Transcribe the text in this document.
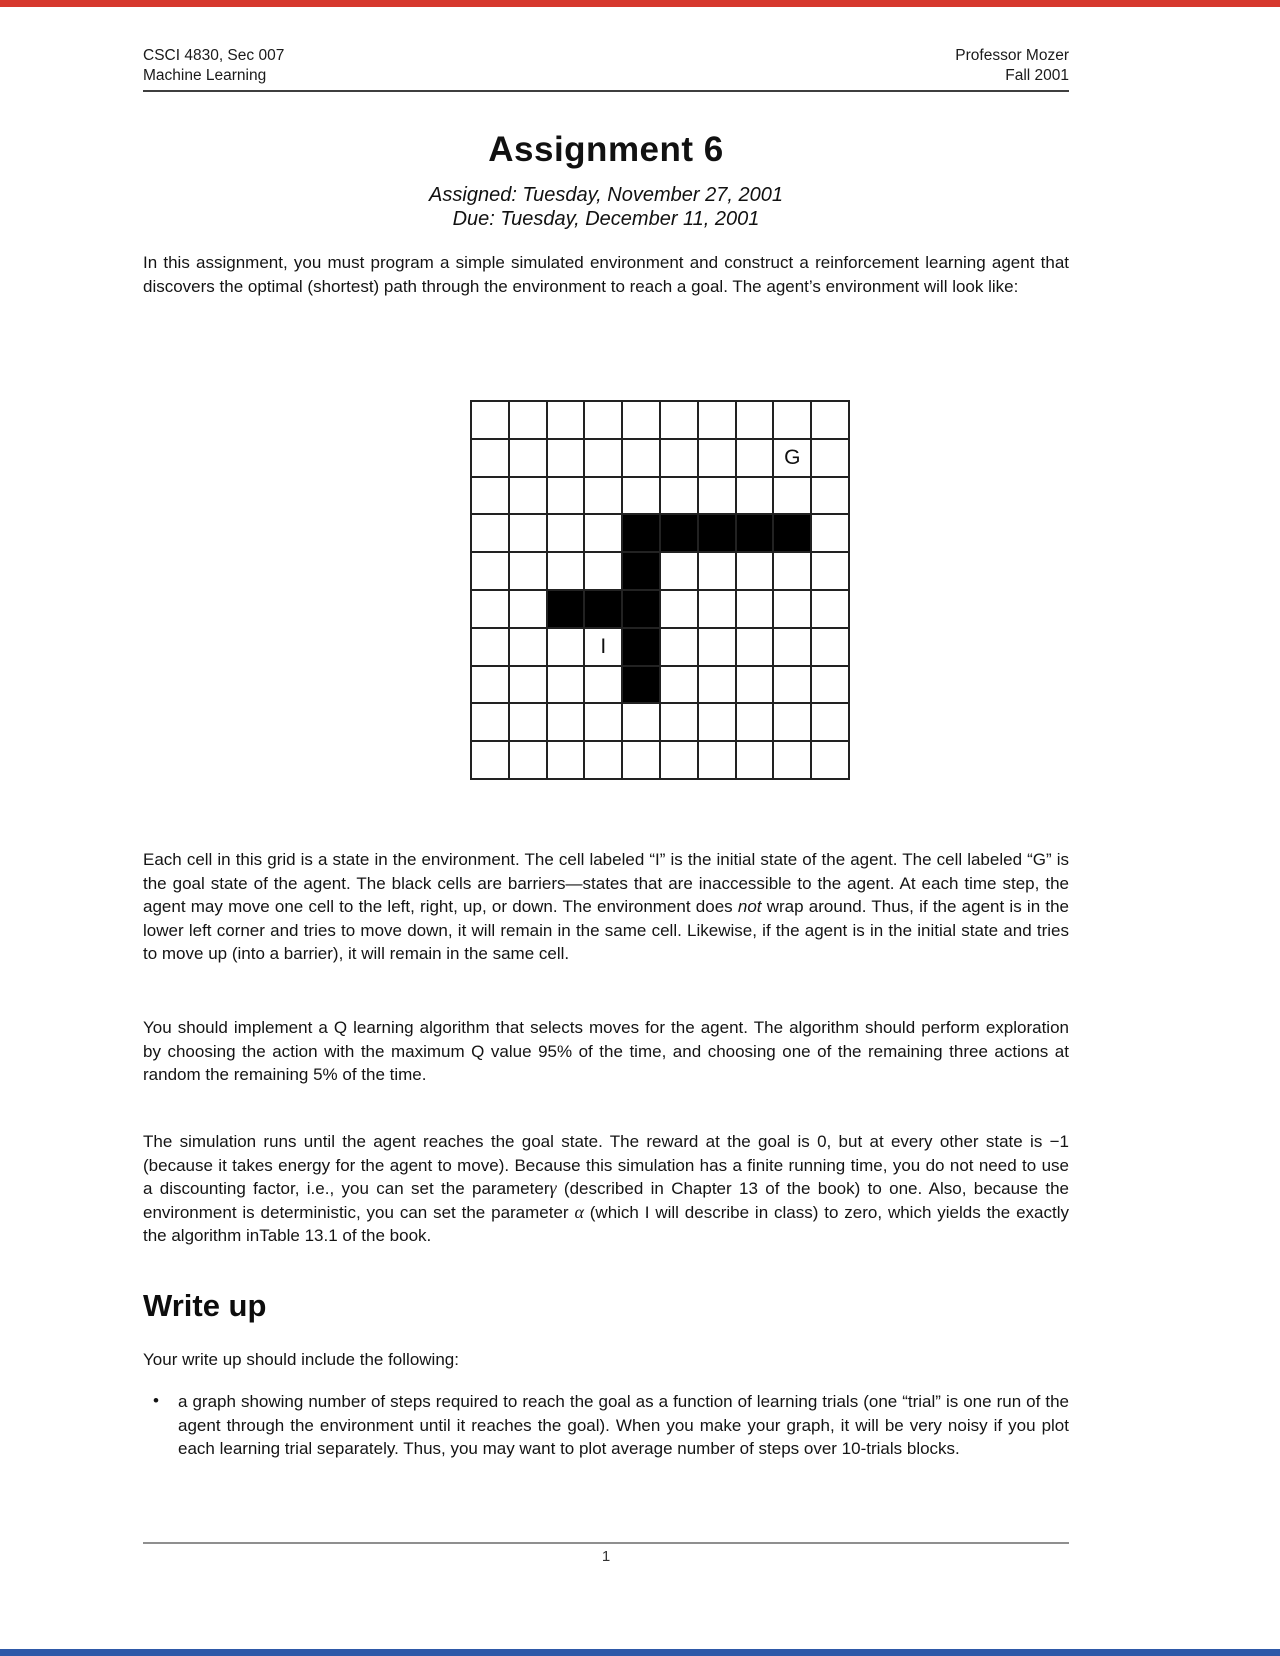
CSCI 4830, Sec 007
Machine Learning
Professor Mozer
Fall 2001
Assignment 6
Assigned: Tuesday, November 27, 2001
Due: Tuesday, December 11, 2001
In this assignment, you must program a simple simulated environment and construct a reinforcement learning agent that discovers the optimal (shortest) path through the environment to reach a goal. The agent’s environment will look like:
G
I
Each cell in this grid is a state in the environment. The cell labeled “I” is the initial state of the agent. The cell labeled “G” is the goal state of the agent. The black cells are barriers—states that are inaccessible to the agent. At each time step, the agent may move one cell to the left, right, up, or down. The environment does not wrap around. Thus, if the agent is in the lower left corner and tries to move down, it will remain in the same cell. Likewise, if the agent is in the initial state and tries to move up (into a barrier), it will remain in the same cell.
You should implement a Q learning algorithm that selects moves for the agent. The algorithm should perform exploration by choosing the action with the maximum Q value 95% of the time, and choosing one of the remaining three actions at random the remaining 5% of the time.
The simulation runs until the agent reaches the goal state. The reward at the goal is 0, but at every other state is −1 (because it takes energy for the agent to move). Because this simulation has a finite running time, you do not need to use a discounting factor, i.e., you can set the parameterγ (described in Chapter 13 of the book) to one. Also, because the environment is deterministic, you can set the parameter α (which I will describe in class) to zero, which yields the exactly the algorithm inTable 13.1 of the book.
Write up
Your write up should include the following:
• a graph showing number of steps required to reach the goal as a function of learning trials (one “trial” is one run of the agent through the environment until it reaches the goal). When you make your graph, it will be very noisy if you plot each learning trial separately. Thus, you may want to plot average number of steps over 10-trials blocks.
1
